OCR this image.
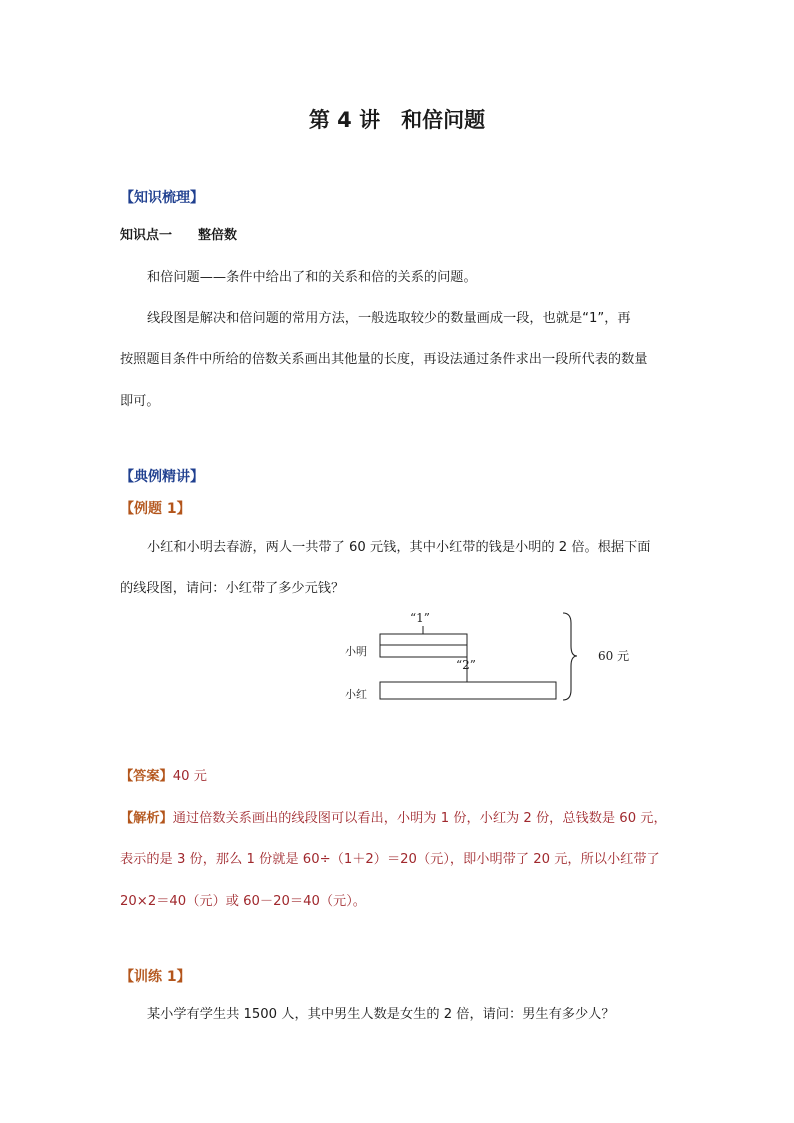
第 4 讲　和倍问题
【知识梳理】
知识点一　　整倍数
和倍问题——条件中给出了和的关系和倍的关系的问题。
线段图是解决和倍问题的常用方法，一般选取较少的数量画成一段，也就是“1”，再
按照题目条件中所给的倍数关系画出其他量的长度，再设法通过条件求出一段所代表的数量
即可。
【典例精讲】
【例题 1】
小红和小明去春游，两人一共带了 60 元钱，其中小红带的钱是小明的 2 倍。根据下面
的线段图，请问：小红带了多少元钱？
小明
小红
“1”
“2”
60 元
【答案】40 元
【解析】通过倍数关系画出的线段图可以看出，小明为 1 份，小红为 2 份，总钱数是 60 元，
表示的是 3 份，那么 1 份就是 60÷（1＋2）＝20（元），即小明带了 20 元，所以小红带了
20×2＝40（元）或 60－20＝40（元）。
【训练 1】
某小学有学生共 1500 人，其中男生人数是女生的 2 倍，请问：男生有多少人？
